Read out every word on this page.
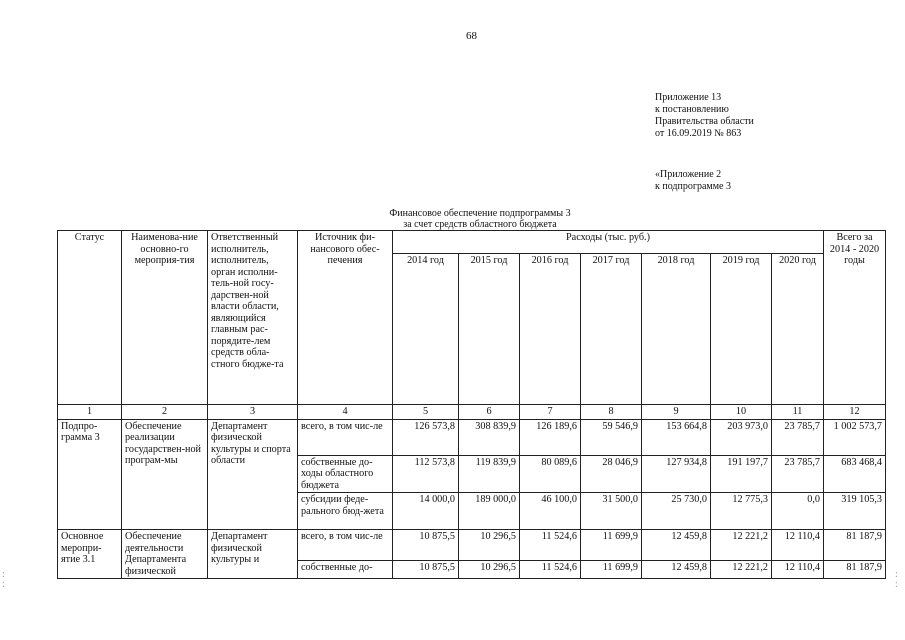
68
Приложение 13
к постановлению
Правительства области
от 16.09.2019 № 863
«Приложение 2
к подпрограмме 3
Финансовое обеспечение подпрограммы 3
за счет средств областного бюджета
:
:
:
:
Статус	Наименова-ние основно-го мероприя-тия	Ответственный исполнитель, исполнитель, орган исполни-тель-ной госу-дарствен-ной власти области, являющийся главным рас-порядите-лем средств обла-стного бюдже-та	Источник фи-нансового обес-печения	Расходы (тыс. руб.)							Всего за 2014 - 2020 годы
				2014 год	2015 год	2016 год	2017 год	2018 год	2019 год	2020 год	
1	2	3	4	5	6	7	8	9	10	11	12
Подпро-грамма 3	Обеспечение реализации государствен-ной програм-мы	Департамент физической культуры и спорта области	всего, в том чис-ле	126 573,8	308 839,9	126 189,6	59 546,9	153 664,8	203 973,0	23 785,7	1 002 573,7
			собственные до-ходы областного бюджета	112 573,8	119 839,9	80 089,6	28 046,9	127 934,8	191 197,7	23 785,7	683 468,4
			субсидии феде-рального бюд-жета	14 000,0	189 000,0	46 100,0	31 500,0	25 730,0	12 775,3	0,0	319 105,3
Основное меропри-ятие 3.1	Обеспечение деятельности Департамента физической	Департамент физической культуры и	всего, в том чис-ле	10 875,5	10 296,5	11 524,6	11 699,9	12 459,8	12 221,2	12 110,4	81 187,9
			собственные до-	10 875,5	10 296,5	11 524,6	11 699,9	12 459,8	12 221,2	12 110,4	81 187,9
